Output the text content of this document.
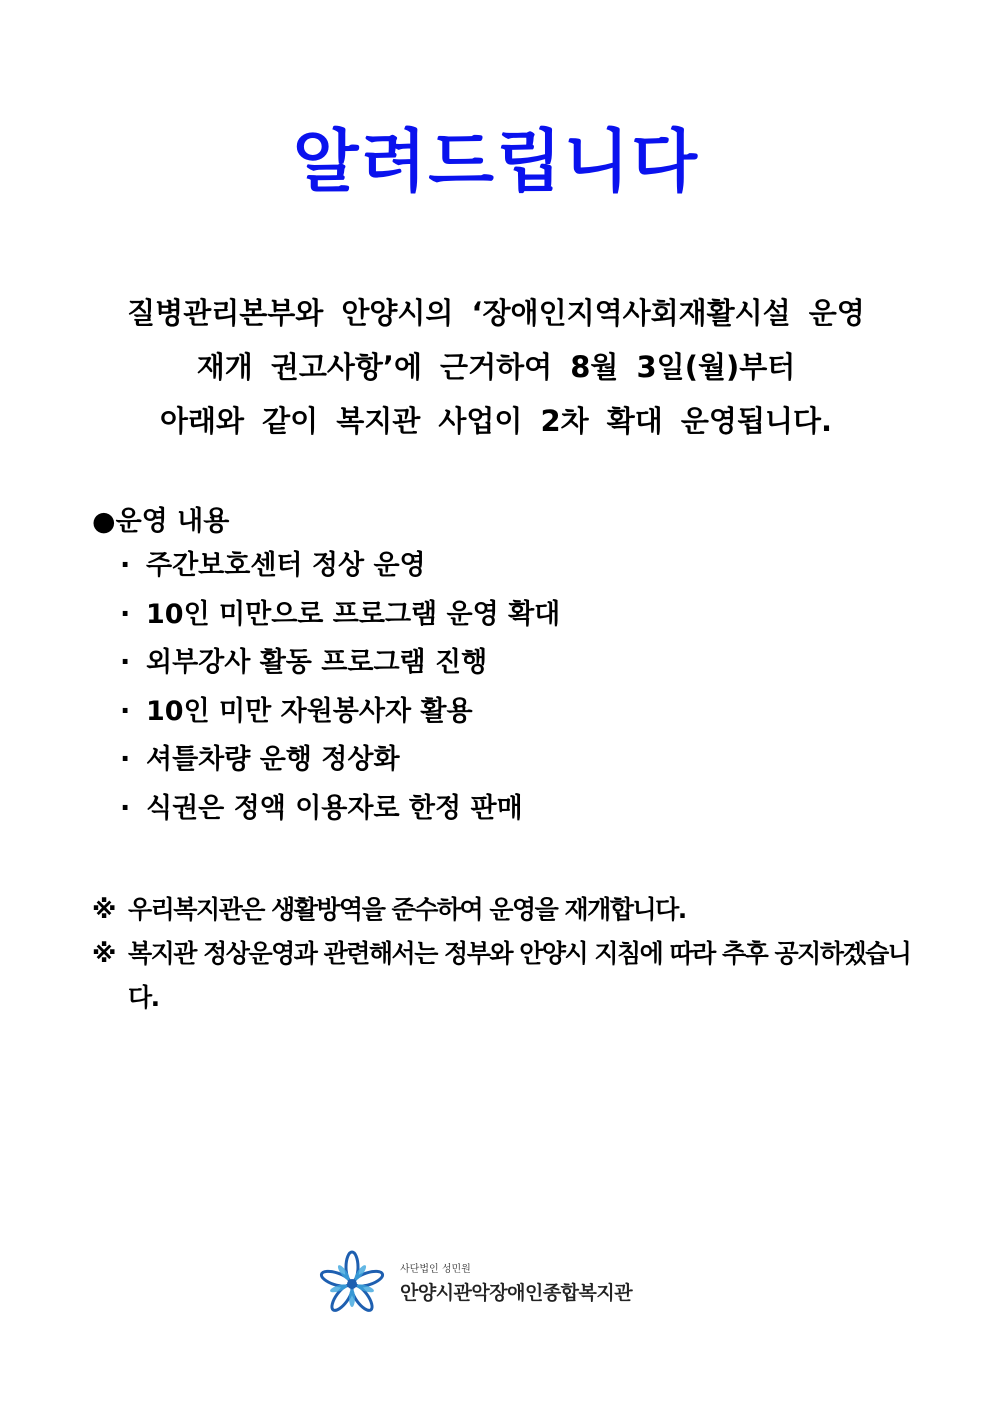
알려드립니다
질병관리본부와 안양시의 ‘장애인지역사회재활시설 운영
재개 권고사항’에 근거하여 8월 3일(월)부터
아래와 같이 복지관 사업이 2차 확대 운영됩니다.
●운영 내용
· 주간보호센터 정상 운영
· 10인 미만으로 프로그램 운영 확대
· 외부강사 활동 프로그램 진행
· 10인 미만 자원봉사자 활용
· 셔틀차량 운행 정상화
· 식권은 정액 이용자로 한정 판매
※ 우리복지관은 생활방역을 준수하여 운영을 재개합니다.
※ 복지관 정상운영과 관련해서는 정부와 안양시 지침에 따라 추후 공지하겠습니다.
사단법인 성민원
안양시관악장애인종합복지관
